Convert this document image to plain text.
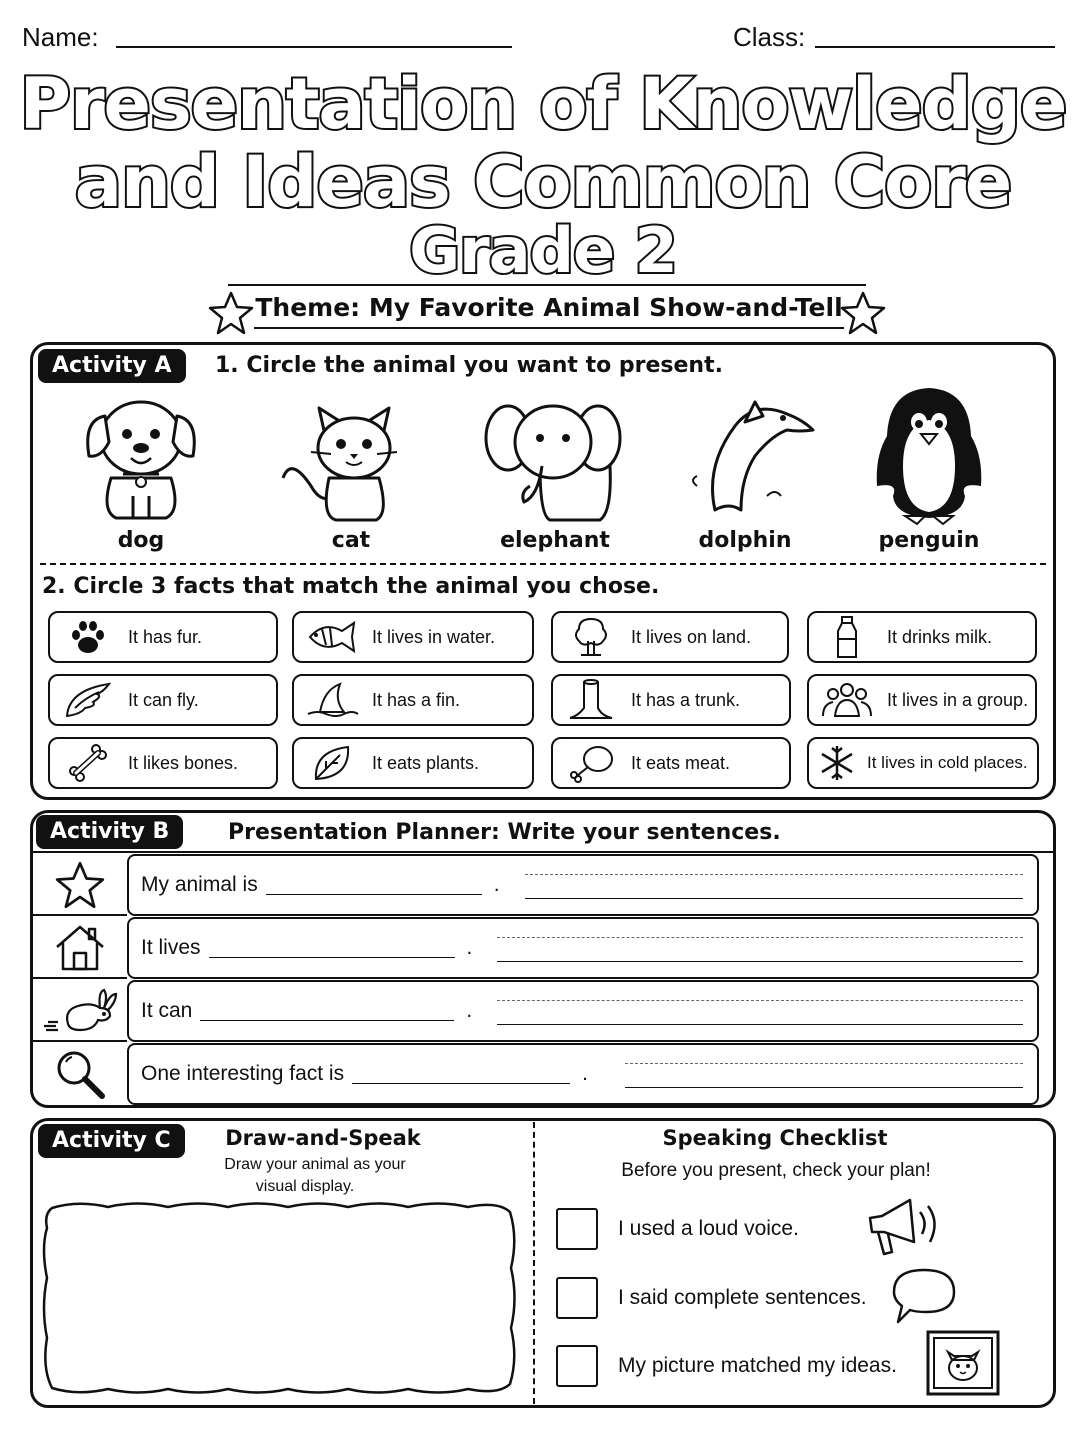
Name:	Class:
Presentation of Knowledge
and Ideas Common Core
Grade 2
Theme: My Favorite Animal Show-and-Tell
Activity A	1. Circle the animal you want to present.
dog	cat	elephant	dolphin	penguin
2. Circle 3 facts that match the animal you chose.
It has fur.	It lives in water.	It lives on land.	It drinks milk.
It can fly.	It has a fin.	It has a trunk.	It lives in a group.
It likes bones.	It eats plants.	It eats meat.	It lives in cold places.
Activity B	Presentation Planner: Write your sentences.
My animal is	.
It lives	.
It can	.
One interesting fact is	.
Activity C	Draw-and-Speak
Draw your animal as your
visual display.
Speaking Checklist
Before you present, check your plan!
I used a loud voice.
I said complete sentences.
My picture matched my ideas.
